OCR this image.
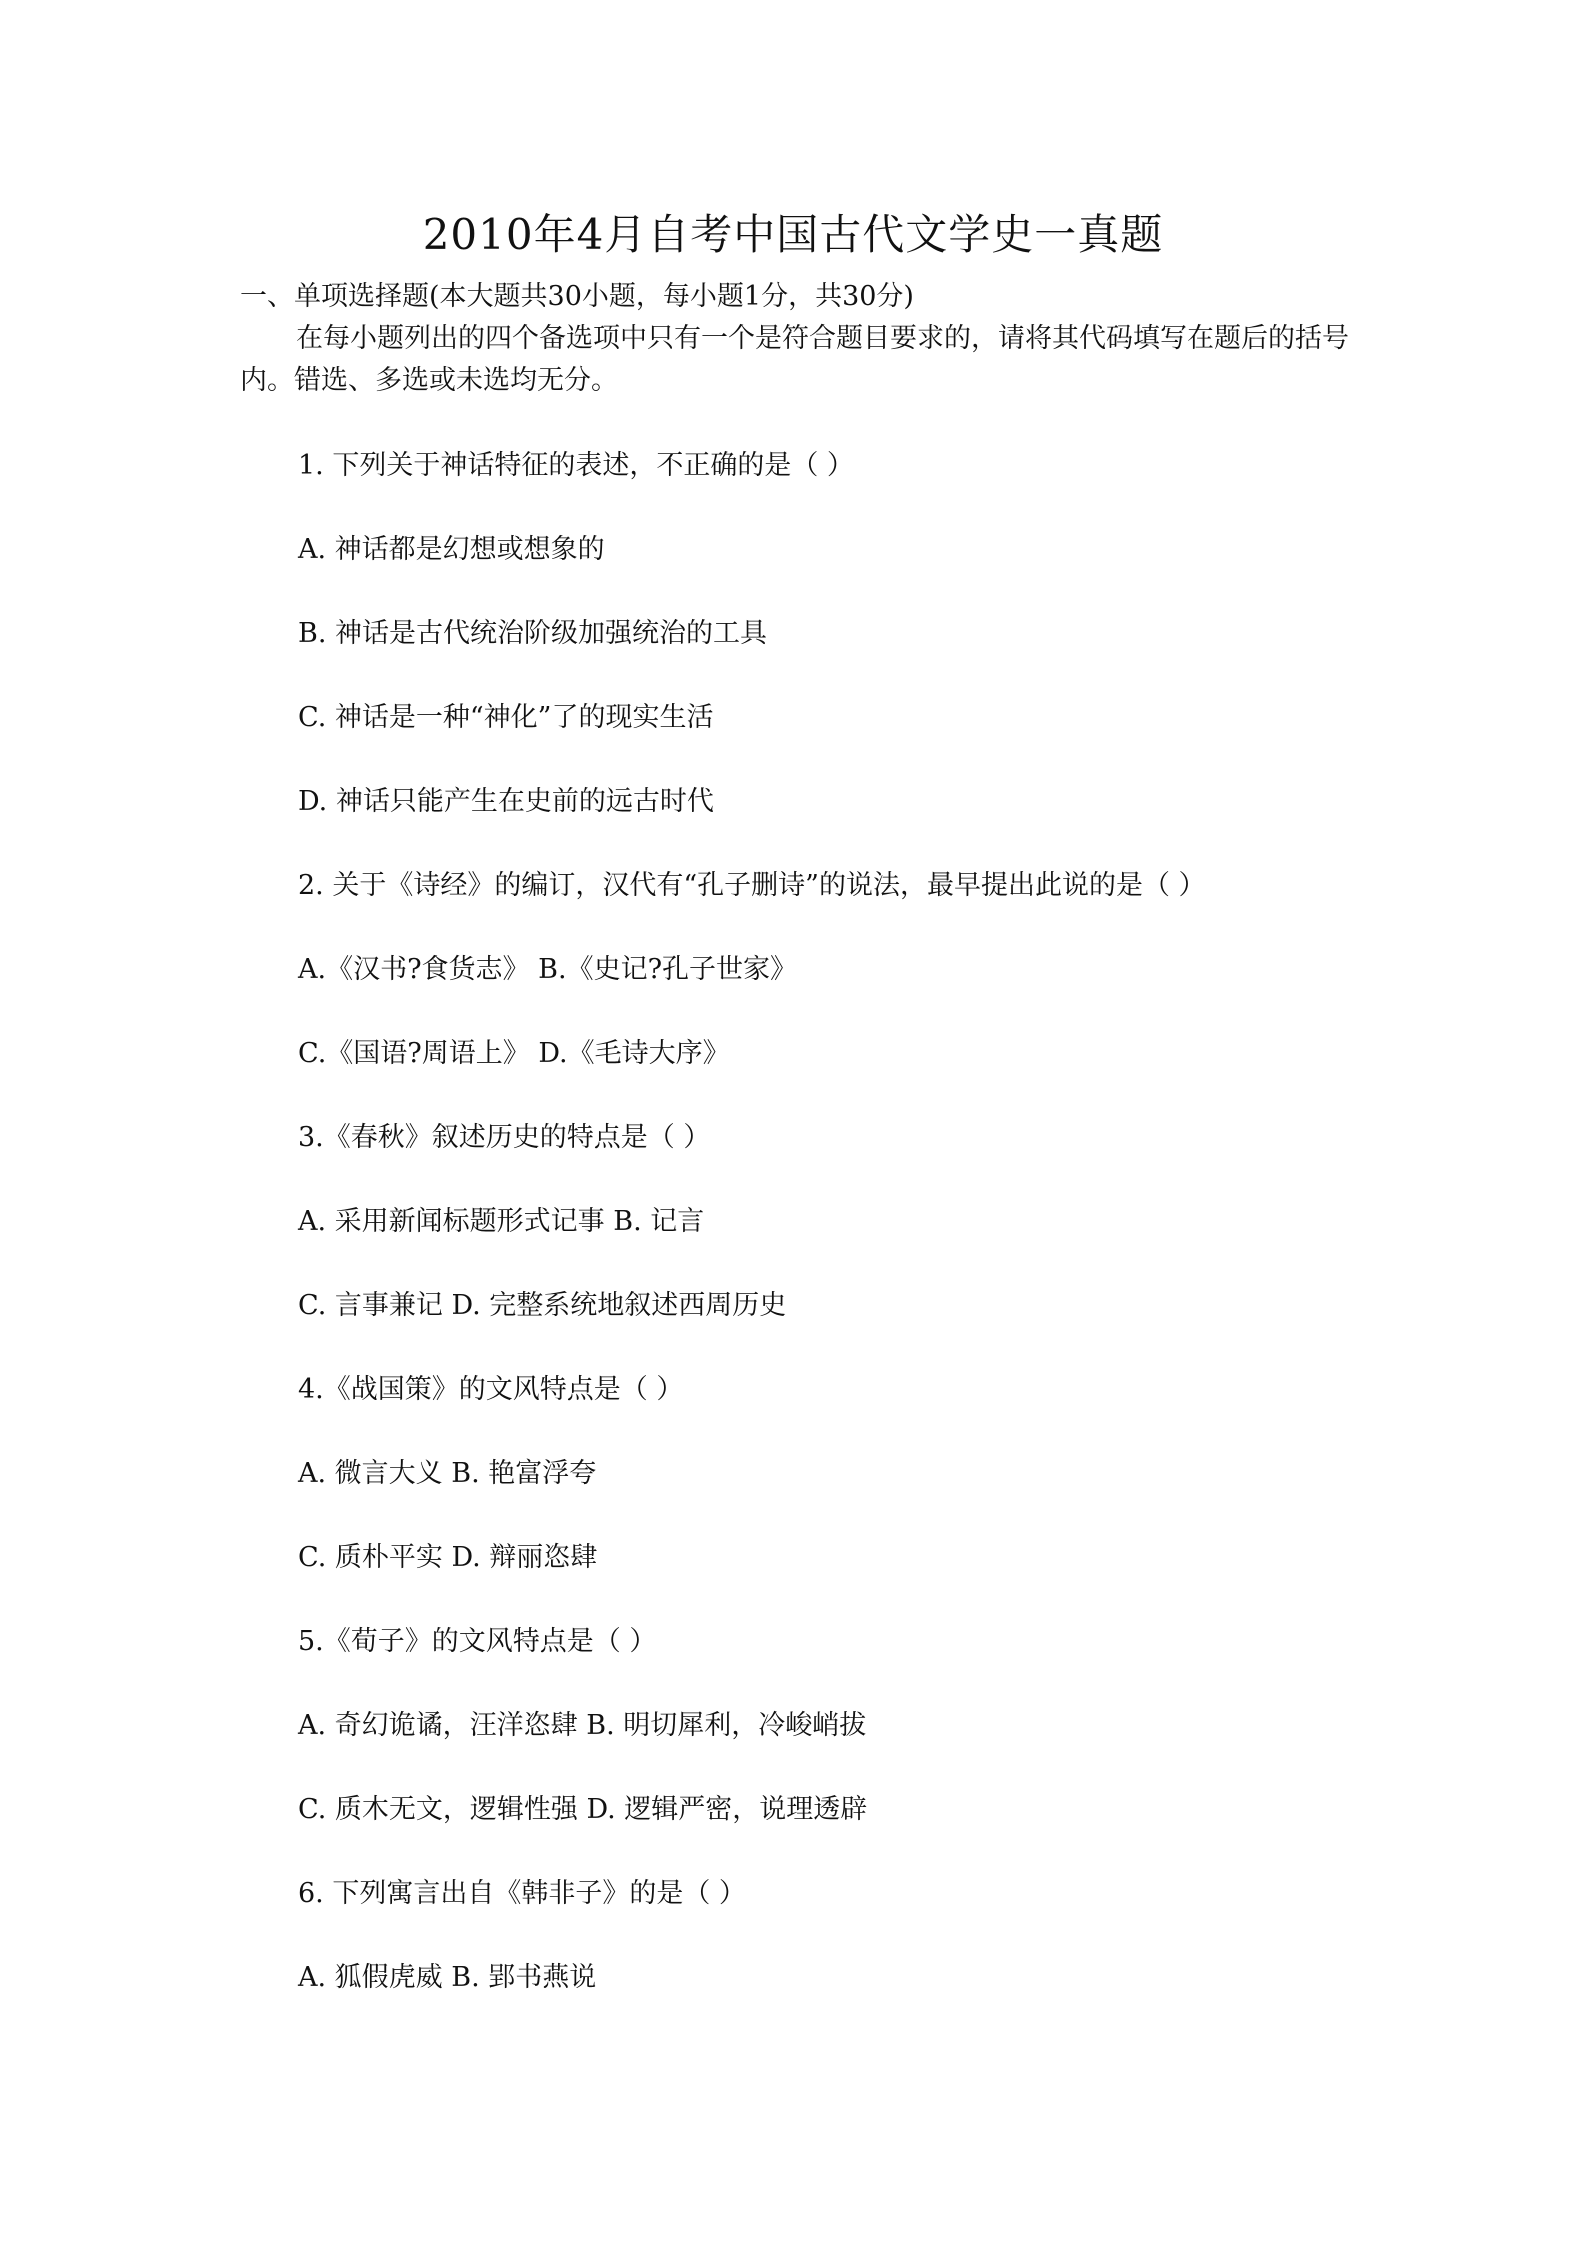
2010年4月自考中国古代文学史一真题
一、单项选择题(本大题共30小题，每小题1分，共30分)

在每小题列出的四个备选项中只有一个是符合题目要求的，请将其代码填写在题后的括号内。错选、多选或未选均无分。

1. 下列关于神话特征的表述，不正确的是（ ）
A. 神话都是幻想或想象的
B. 神话是古代统治阶级加强统治的工具
C. 神话是一种“神化”了的现实生活
D. 神话只能产生在史前的远古时代
2. 关于《诗经》的编订，汉代有“孔子删诗”的说法，最早提出此说的是（ ）
A.《汉书?食货志》 B.《史记?孔子世家》
C.《国语?周语上》 D.《毛诗大序》
3.《春秋》叙述历史的特点是（ ）
A. 采用新闻标题形式记事 B. 记言
C. 言事兼记 D. 完整系统地叙述西周历史
4.《战国策》的文风特点是（ ）
A. 微言大义 B. 艳富浮夸
C. 质朴平实 D. 辩丽恣肆
5.《荀子》的文风特点是（ ）
A. 奇幻诡谲，汪洋恣肆 B. 明切犀利，冷峻峭拔
C. 质木无文，逻辑性强 D. 逻辑严密，说理透辟
6. 下列寓言出自《韩非子》的是（ ）
A. 狐假虎威 B. 郢书燕说
